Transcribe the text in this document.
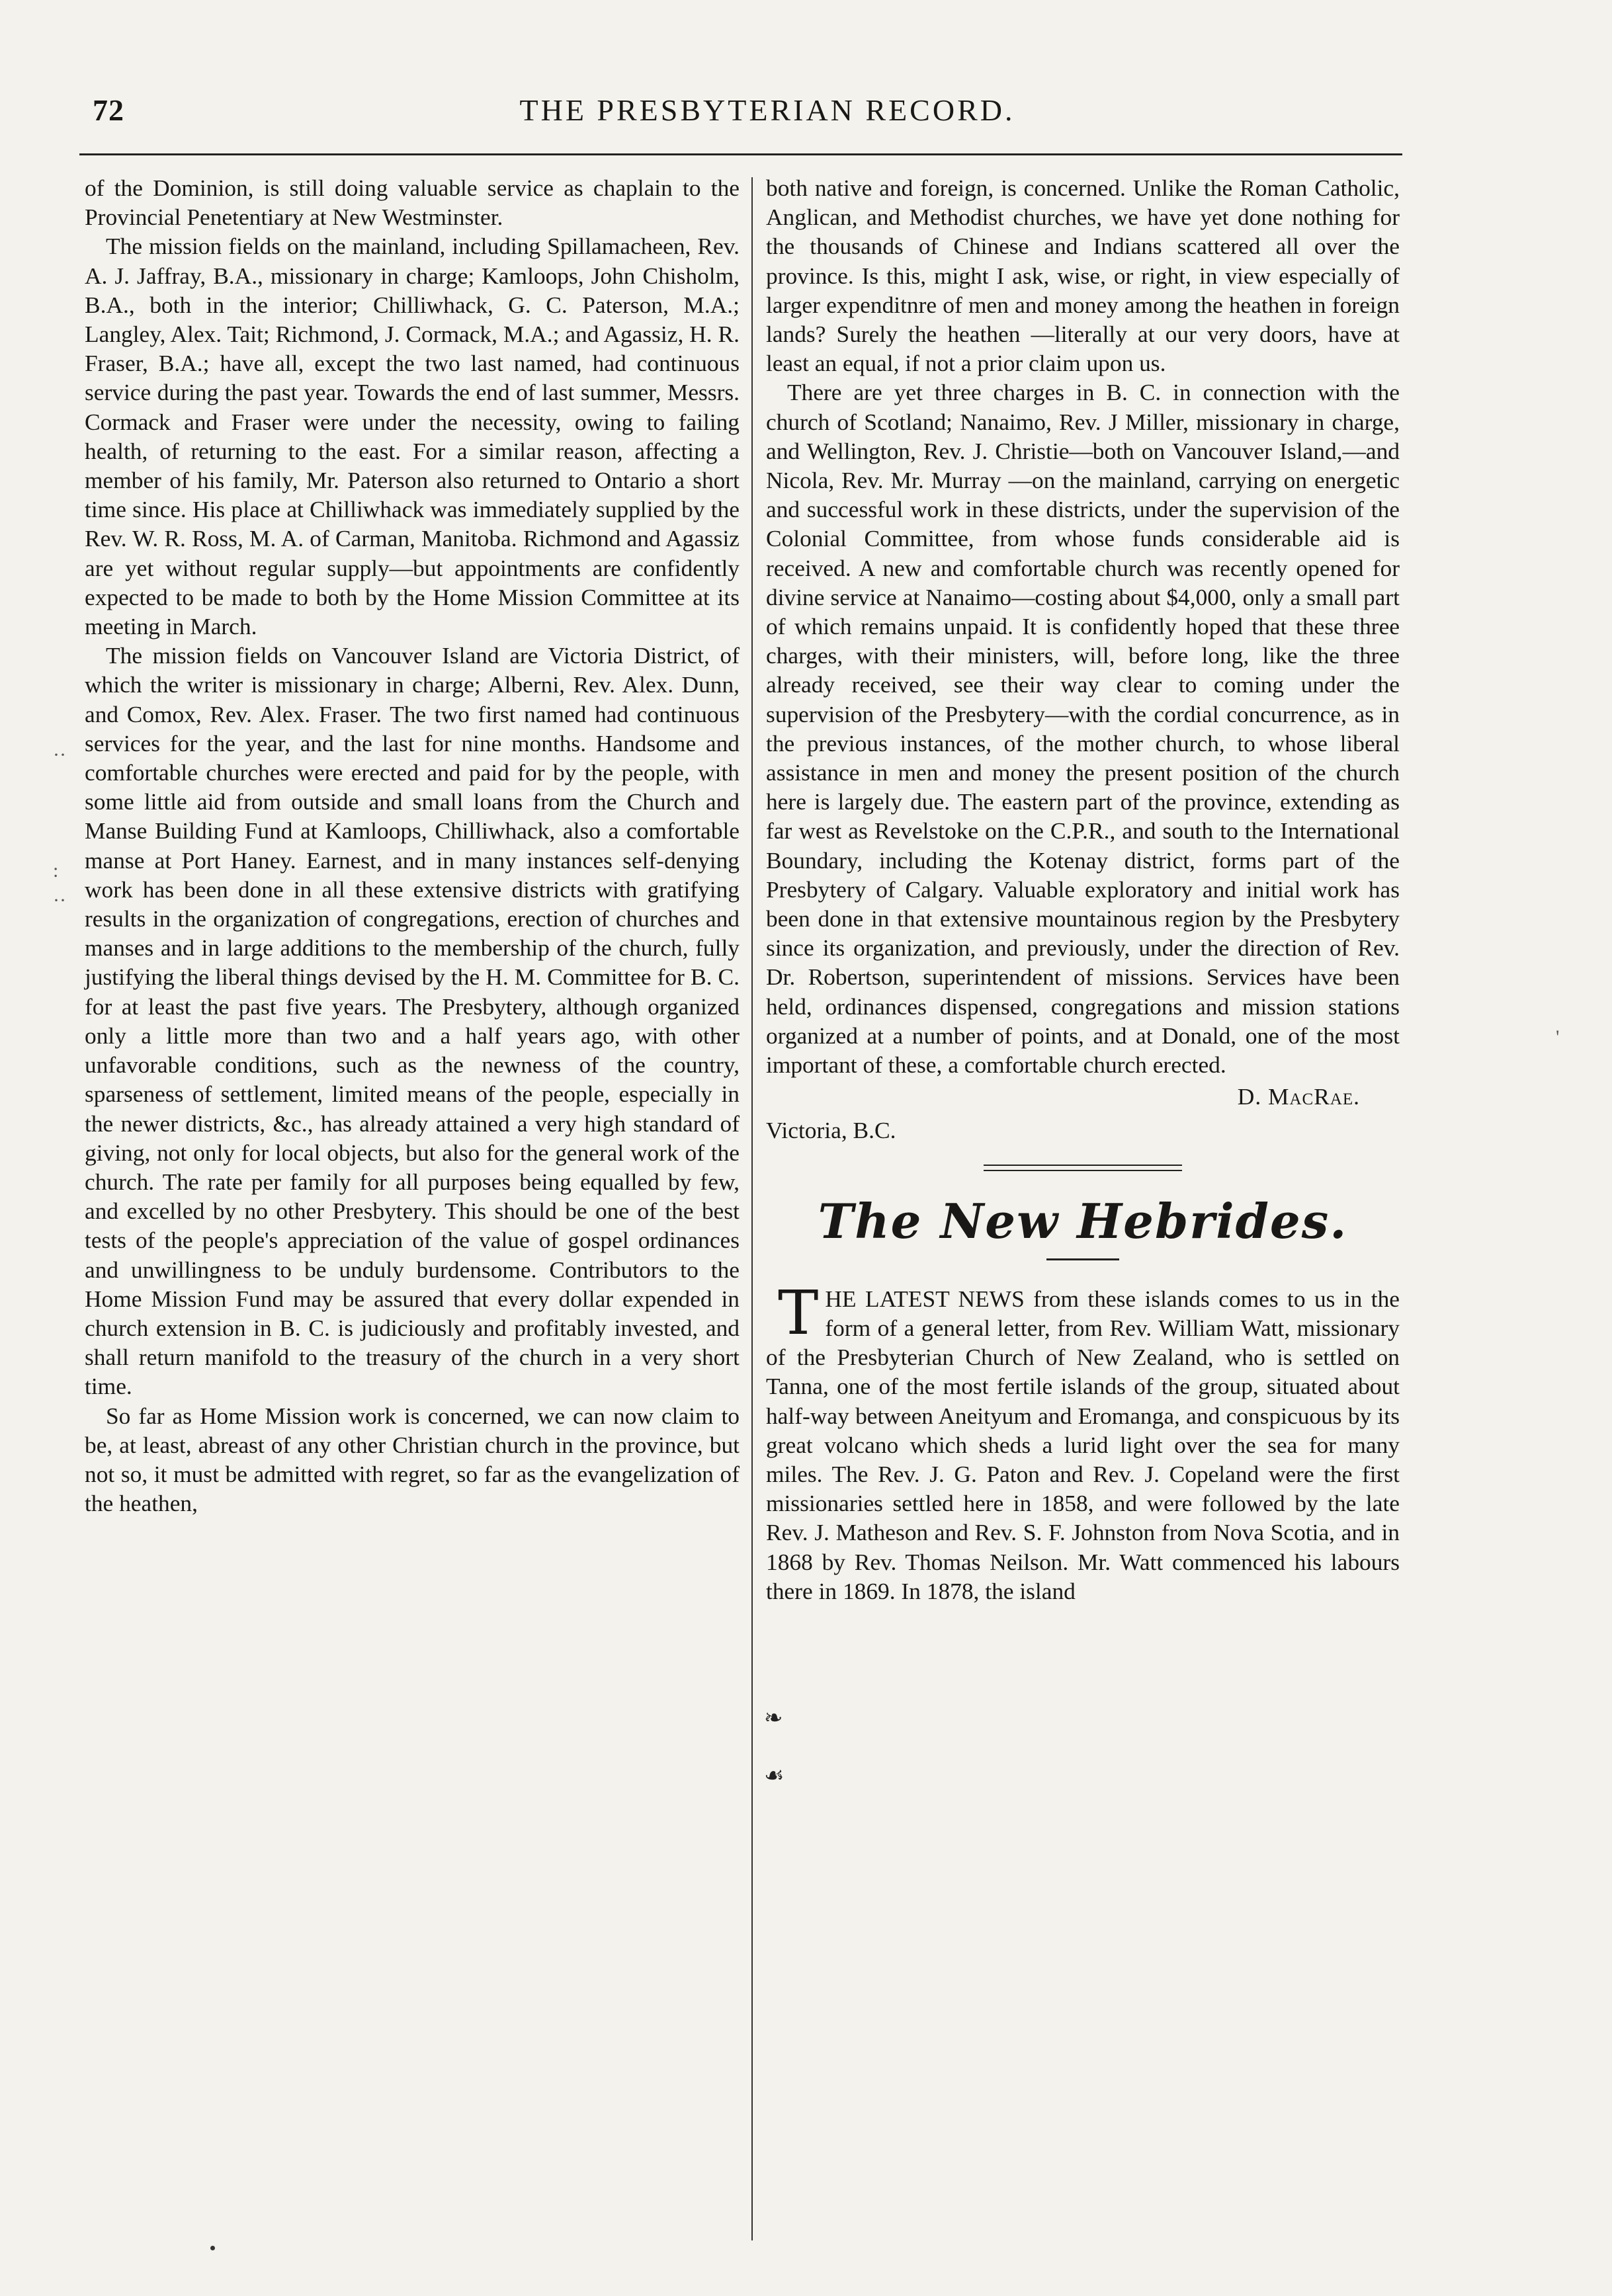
72	THE PRESBYTERIAN RECORD.

of the Dominion, is still doing valuable service as chaplain to the Provincial Penetentiary at New Westminster.

The mission fields on the mainland, including Spillamacheen, Rev. A. J. Jaffray, B.A., missionary in charge; Kamloops, John Chisholm, B.A., both in the interior; Chilliwhack, G. C. Paterson, M.A.; Langley, Alex. Tait; Richmond, J. Cormack, M.A.; and Agassiz, H. R. Fraser, B.A.; have all, except the two last named, had continuous service during the past year. Towards the end of last summer, Messrs. Cormack and Fraser were under the necessity, owing to failing health, of returning to the east. For a similar reason, affecting a member of his family, Mr. Paterson also returned to Ontario a short time since. His place at Chilliwhack was immediately supplied by the Rev. W. R. Ross, M. A. of Carman, Manitoba. Richmond and Agassiz are yet without regular supply—but appointments are confidently expected to be made to both by the Home Mission Committee at its meeting in March.

The mission fields on Vancouver Island are Victoria District, of which the writer is missionary in charge; Alberni, Rev. Alex. Dunn, and Comox, Rev. Alex. Fraser. The two first named had continuous services for the year, and the last for nine months. Handsome and comfortable churches were erected and paid for by the people, with some little aid from outside and small loans from the Church and Manse Building Fund at Kamloops, Chilliwhack, also a comfortable manse at Port Haney. Earnest, and in many instances self-denying work has been done in all these extensive districts with gratifying results in the organization of congregations, erection of churches and manses and in large additions to the membership of the church, fully justifying the liberal things devised by the H. M. Committee for B. C. for at least the past five years. The Presbytery, although organized only a little more than two and a half years ago, with other unfavorable conditions, such as the newness of the country, sparseness of settlement, limited means of the people, especially in the newer districts, &c., has already attained a very high standard of giving, not only for local objects, but also for the general work of the church. The rate per family for all purposes being equalled by few, and excelled by no other Presbytery. This should be one of the best tests of the people's appreciation of the value of gospel ordinances and unwillingness to be unduly burdensome. Contributors to the Home Mission Fund may be assured that every dollar expended in church extension in B. C. is judiciously and profitably invested, and shall return manifold to the treasury of the church in a very short time.

So far as Home Mission work is concerned, we can now claim to be, at least, abreast of any other Christian church in the province, but not so, it must be admitted with regret, so far as the evangelization of the heathen,

both native and foreign, is concerned. Unlike the Roman Catholic, Anglican, and Methodist churches, we have yet done nothing for the thousands of Chinese and Indians scattered all over the province. Is this, might I ask, wise, or right, in view especially of larger expenditnre of men and money among the heathen in foreign lands? Surely the heathen —literally at our very doors, have at least an equal, if not a prior claim upon us.

There are yet three charges in B. C. in connection with the church of Scotland; Nanaimo, Rev. J Miller, missionary in charge, and Wellington, Rev. J. Christie—both on Vancouver Island,—and Nicola, Rev. Mr. Murray —on the mainland, carrying on energetic and successful work in these districts, under the supervision of the Colonial Committee, from whose funds considerable aid is received. A new and comfortable church was recently opened for divine service at Nanaimo—costing about $4,000, only a small part of which remains unpaid. It is confidently hoped that these three charges, with their ministers, will, before long, like the three already received, see their way clear to coming under the supervision of the Presbytery—with the cordial concurrence, as in the previous instances, of the mother church, to whose liberal assistance in men and money the present position of the church here is largely due. The eastern part of the province, extending as far west as Revelstoke on the C.P.R., and south to the International Boundary, including the Kotenay district, forms part of the Presbytery of Calgary. Valuable exploratory and initial work has been done in that extensive mountainous region by the Presbytery since its organization, and previously, under the direction of Rev. Dr. Robertson, superintendent of missions. Services have been held, ordinances dispensed, congregations and mission stations organized at a number of points, and at Donald, one of the most important of these, a comfortable church erected.

D. MacRae.
Victoria, B.C.
The New Hebrides.

THE LATEST NEWS from these islands comes to us in the form of a general letter, from Rev. William Watt, missionary of the Presbyterian Church of New Zealand, who is settled on Tanna, one of the most fertile islands of the group, situated about half-way between Aneityum and Eromanga, and conspicuous by its great volcano which sheds a lurid light over the sea for many miles. The Rev. J. G. Paton and Rev. J. Copeland were the first missionaries settled here in 1858, and were followed by the late Rev. J. Matheson and Rev. S. F. Johnston from Nova Scotia, and in 1868 by Rev. Thomas Neilson. Mr. Watt commenced his labours there in 1869. In 1878, the island

❧
☙
··
:
··
'
